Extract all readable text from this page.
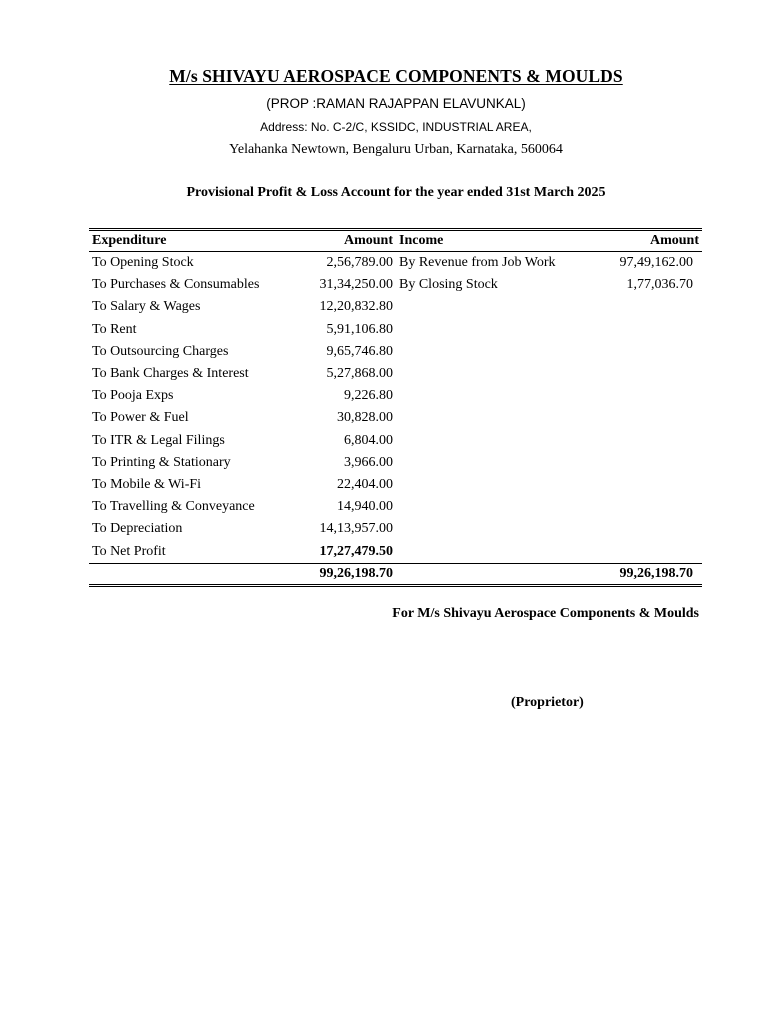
M/s SHIVAYU AEROSPACE COMPONENTS & MOULDS
(PROP :RAMAN RAJAPPAN ELAVUNKAL)
Address: No. C-2/C, KSSIDC, INDUSTRIAL AREA,
Yelahanka Newtown, Bengaluru Urban, Karnataka, 560064
Provisional Profit & Loss Account for the year ended 31st March 2025
Expenditure	Amount	Income	Amount
To Opening Stock	2,56,789.00	By Revenue from Job Work	97,49,162.00
To Purchases & Consumables	31,34,250.00	By Closing Stock	1,77,036.70
To Salary & Wages	12,20,832.80		
To Rent	5,91,106.80		
To Outsourcing Charges	9,65,746.80		
To Bank Charges & Interest	5,27,868.00		
To Pooja Exps	9,226.80		
To Power & Fuel	30,828.00		
To ITR & Legal Filings	6,804.00		
To Printing & Stationary	3,966.00		
To Mobile & Wi-Fi	22,404.00		
To Travelling & Conveyance	14,940.00		
To Depreciation	14,13,957.00		
To Net Profit	17,27,479.50		
	99,26,198.70		99,26,198.70
For M/s Shivayu Aerospace Components & Moulds
(Proprietor)
